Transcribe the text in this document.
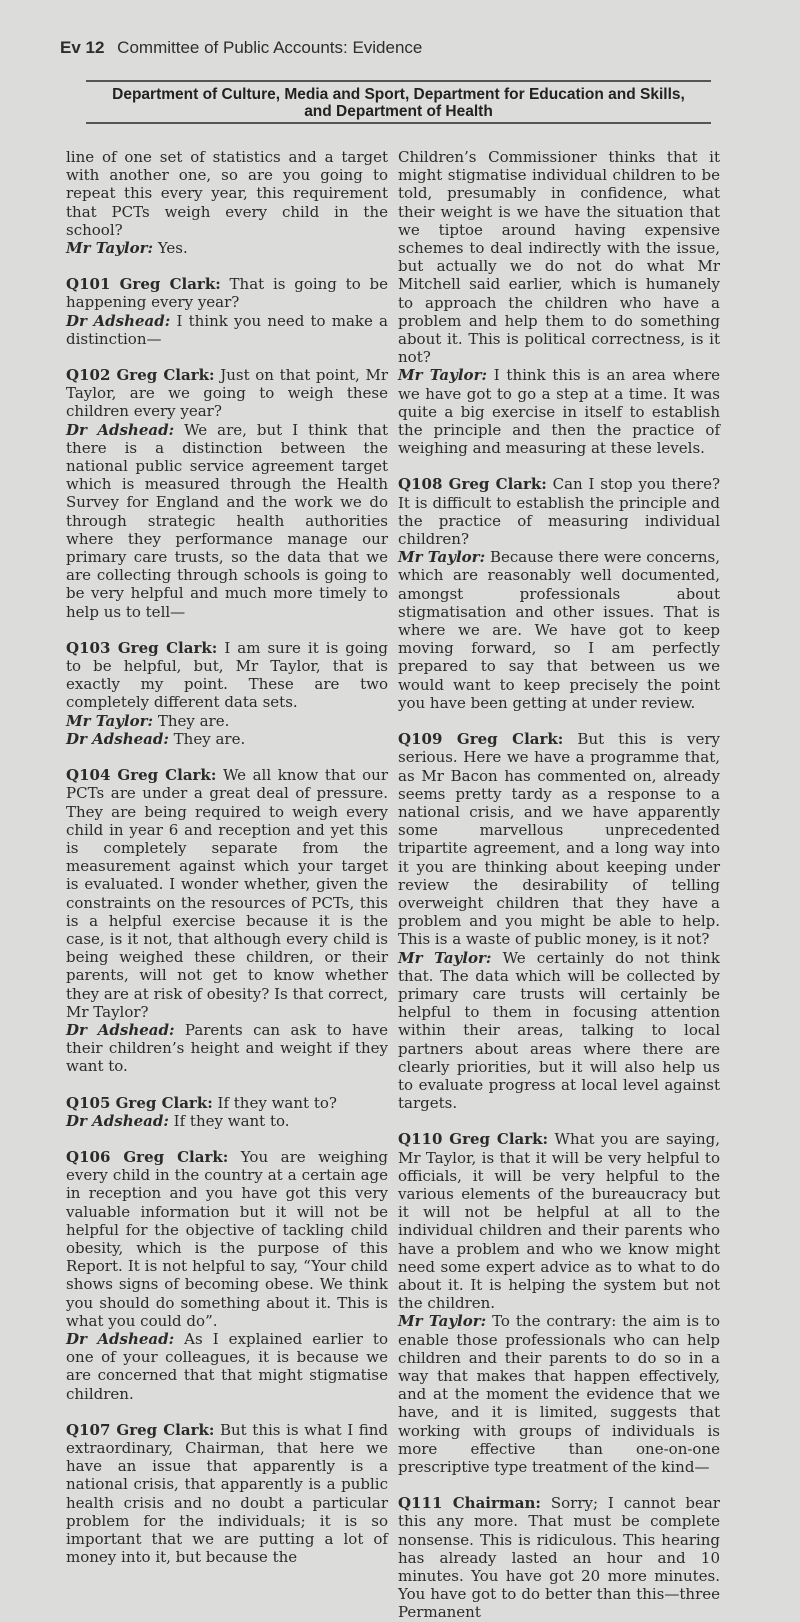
Ev 12 Committee of Public Accounts: Evidence
Department of Culture, Media and Sport, Department for Education and Skills,
and Department of Health

line of one set of statistics and a target with another one, so are you going to repeat this every year, this requirement that PCTs weigh every child in the school?

Mr Taylor: Yes.

Q101 Greg Clark: That is going to be happening every year?

Dr Adshead: I think you need to make a distinction—

Q102 Greg Clark: Just on that point, Mr Taylor, are we going to weigh these children every year?

Dr Adshead: We are, but I think that there is a distinction between the national public service agreement target which is measured through the Health Survey for England and the work we do through strategic health authorities where they performance manage our primary care trusts, so the data that we are collecting through schools is going to be very helpful and much more timely to help us to tell—

Q103 Greg Clark: I am sure it is going to be helpful, but, Mr Taylor, that is exactly my point. These are two completely different data sets.

Mr Taylor: They are.

Dr Adshead: They are.

Q104 Greg Clark: We all know that our PCTs are under a great deal of pressure. They are being required to weigh every child in year 6 and reception and yet this is completely separate from the measurement against which your target is evaluated. I wonder whether, given the constraints on the resources of PCTs, this is a helpful exercise because it is the case, is it not, that although every child is being weighed these children, or their parents, will not get to know whether they are at risk of obesity? Is that correct, Mr Taylor?

Dr Adshead: Parents can ask to have their children’s height and weight if they want to.

Q105 Greg Clark: If they want to?

Dr Adshead: If they want to.

Q106 Greg Clark: You are weighing every child in the country at a certain age in reception and you have got this very valuable information but it will not be helpful for the objective of tackling child obesity, which is the purpose of this Report. It is not helpful to say, “Your child shows signs of becoming obese. We think you should do something about it. This is what you could do”.

Dr Adshead: As I explained earlier to one of your colleagues, it is because we are concerned that that might stigmatise children.

Q107 Greg Clark: But this is what I find extraordinary, Chairman, that here we have an issue that apparently is a national crisis, that apparently is a public health crisis and no doubt a particular problem for the individuals; it is so important that we are putting a lot of money into it, but because the

Children’s Commissioner thinks that it might stigmatise individual children to be told, presumably in confidence, what their weight is we have the situation that we tiptoe around having expensive schemes to deal indirectly with the issue, but actually we do not do what Mr Mitchell said earlier, which is humanely to approach the children who have a problem and help them to do something about it. This is political correctness, is it not?

Mr Taylor: I think this is an area where we have got to go a step at a time. It was quite a big exercise in itself to establish the principle and then the practice of weighing and measuring at these levels.

Q108 Greg Clark: Can I stop you there? It is difficult to establish the principle and the practice of measuring individual children?

Mr Taylor: Because there were concerns, which are reasonably well documented, amongst professionals about stigmatisation and other issues. That is where we are. We have got to keep moving forward, so I am perfectly prepared to say that between us we would want to keep precisely the point you have been getting at under review.

Q109 Greg Clark: But this is very serious. Here we have a programme that, as Mr Bacon has commented on, already seems pretty tardy as a response to a national crisis, and we have apparently some marvellous unprecedented tripartite agreement, and a long way into it you are thinking about keeping under review the desirability of telling overweight children that they have a problem and you might be able to help. This is a waste of public money, is it not?

Mr Taylor: We certainly do not think that. The data which will be collected by primary care trusts will certainly be helpful to them in focusing attention within their areas, talking to local partners about areas where there are clearly priorities, but it will also help us to evaluate progress at local level against targets.

Q110 Greg Clark: What you are saying, Mr Taylor, is that it will be very helpful to officials, it will be very helpful to the various elements of the bureaucracy but it will not be helpful at all to the individual children and their parents who have a problem and who we know might need some expert advice as to what to do about it. It is helping the system but not the children.

Mr Taylor: To the contrary: the aim is to enable those professionals who can help children and their parents to do so in a way that makes that happen effectively, and at the moment the evidence that we have, and it is limited, suggests that working with groups of individuals is more effective than one-on-one prescriptive type treatment of the kind—

Q111 Chairman: Sorry; I cannot bear this any more. That must be complete nonsense. This is ridiculous. This hearing has already lasted an hour and 10 minutes. You have got 20 more minutes. You have got to do better than this—three Permanent
